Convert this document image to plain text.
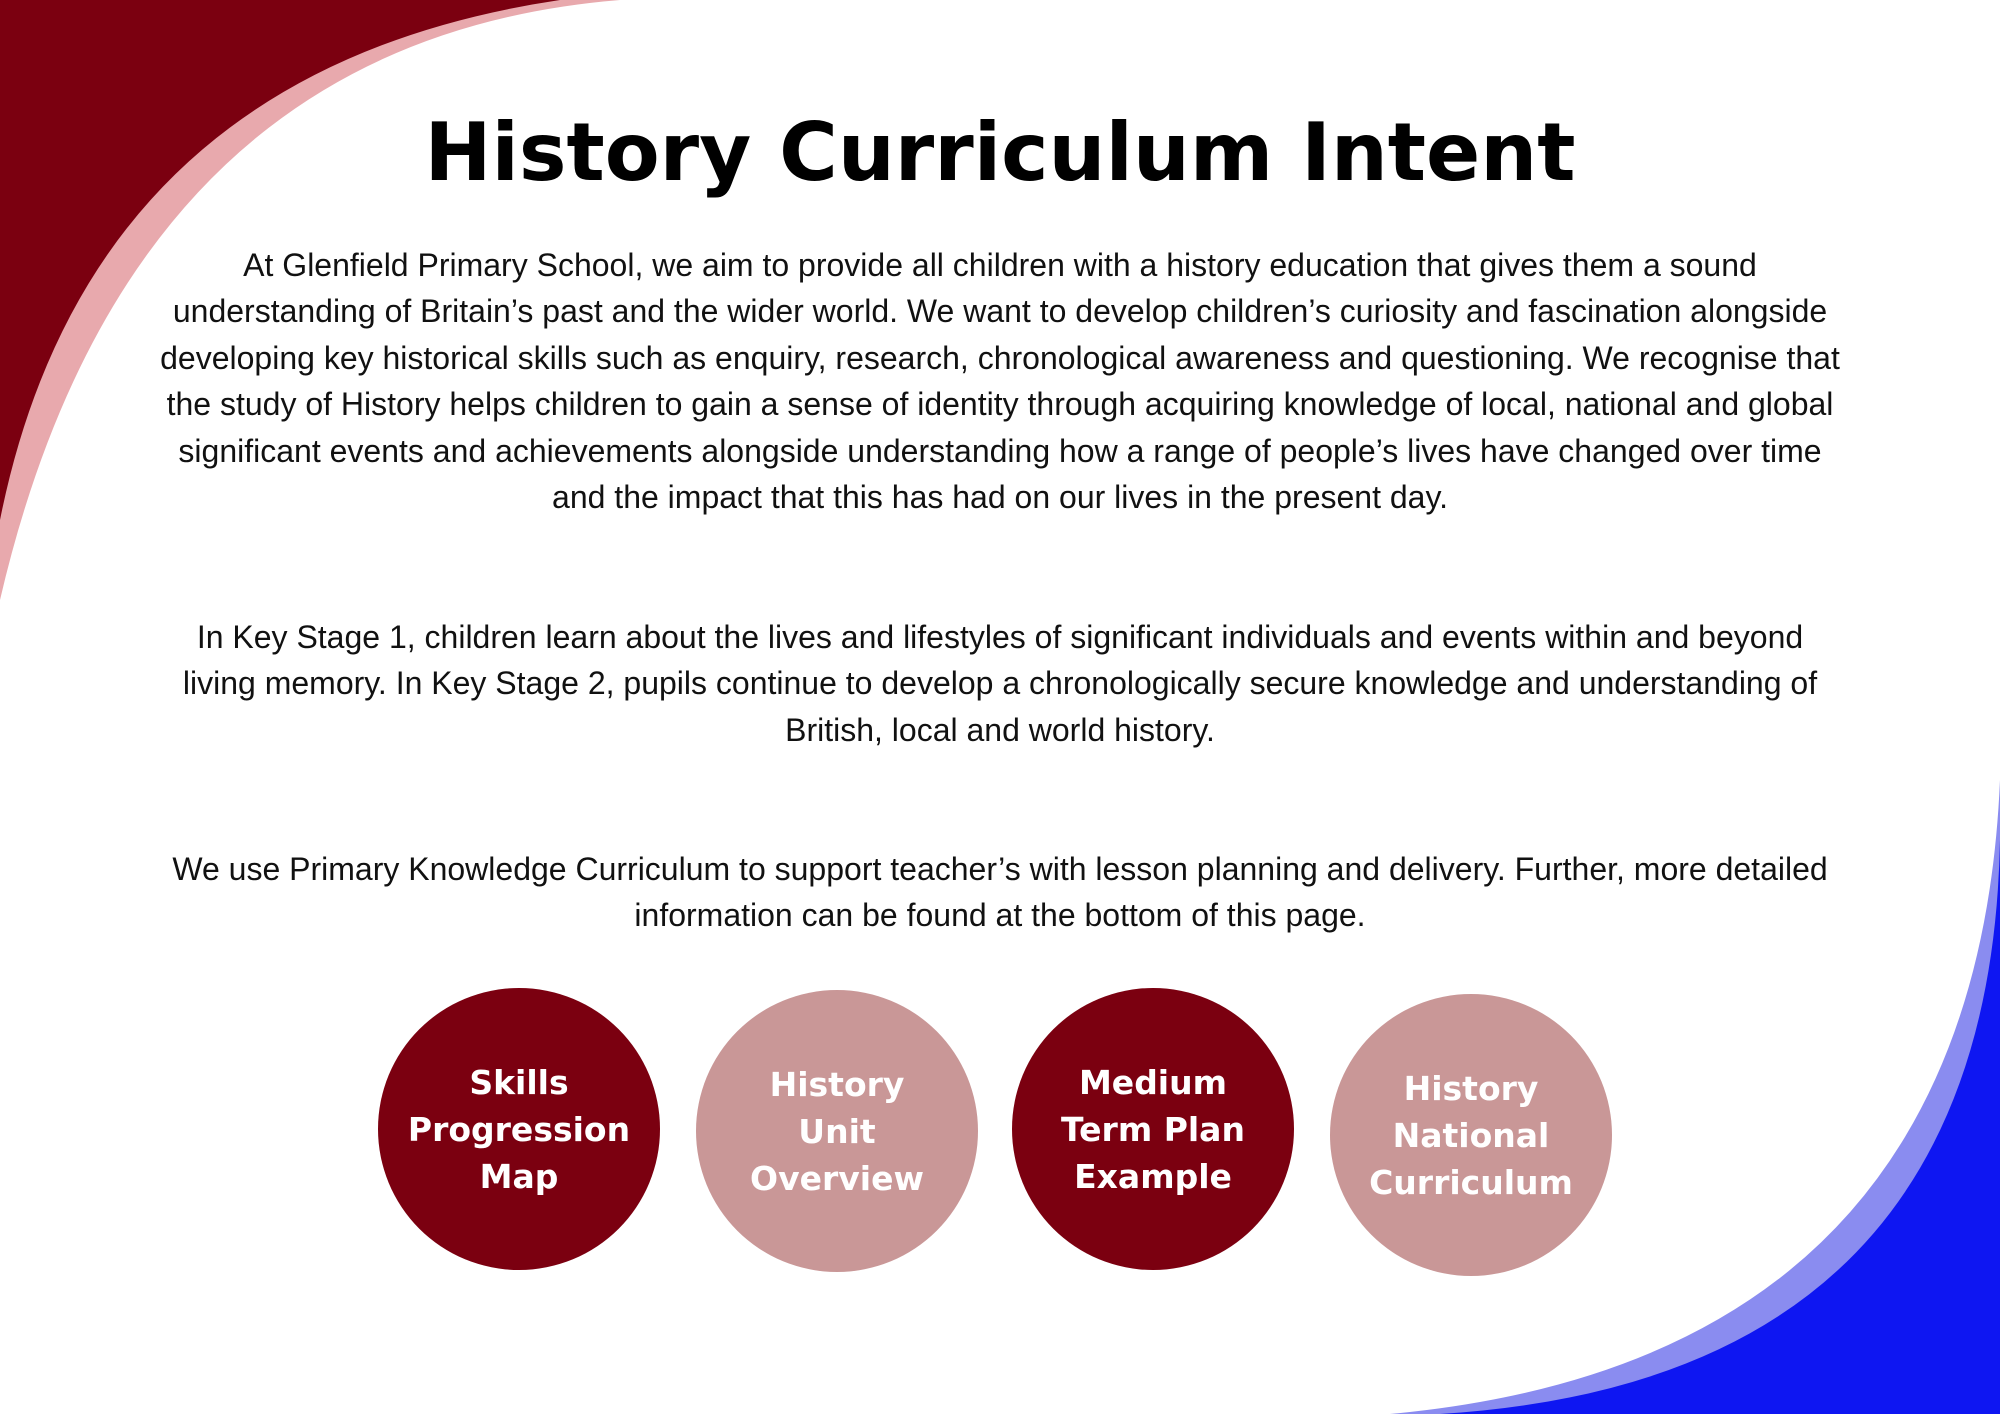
History Curriculum Intent

At Glenfield Primary School, we aim to provide all children with a history education that gives them a sound understanding of Britain’s past and the wider world. We want to develop children’s curiosity and fascination alongside developing key historical skills such as enquiry, research, chronological awareness and questioning. We recognise that the study of History helps children to gain a sense of identity through acquiring knowledge of local, national and global significant events and achievements alongside understanding how a range of people’s lives have changed over time and the impact that this has had on our lives in the present day.

In Key Stage 1, children learn about the lives and lifestyles of significant individuals and events within and beyond living memory. In Key Stage 2, pupils continue to develop a chronologically secure knowledge and understanding of British, local and world history.

We use Primary Knowledge Curriculum to support teacher’s with lesson planning and delivery. Further, more detailed information can be found at the bottom of this page.

Skills
Progression
Map
History
Unit
Overview
Medium
Term Plan
Example
History
National
Curriculum
